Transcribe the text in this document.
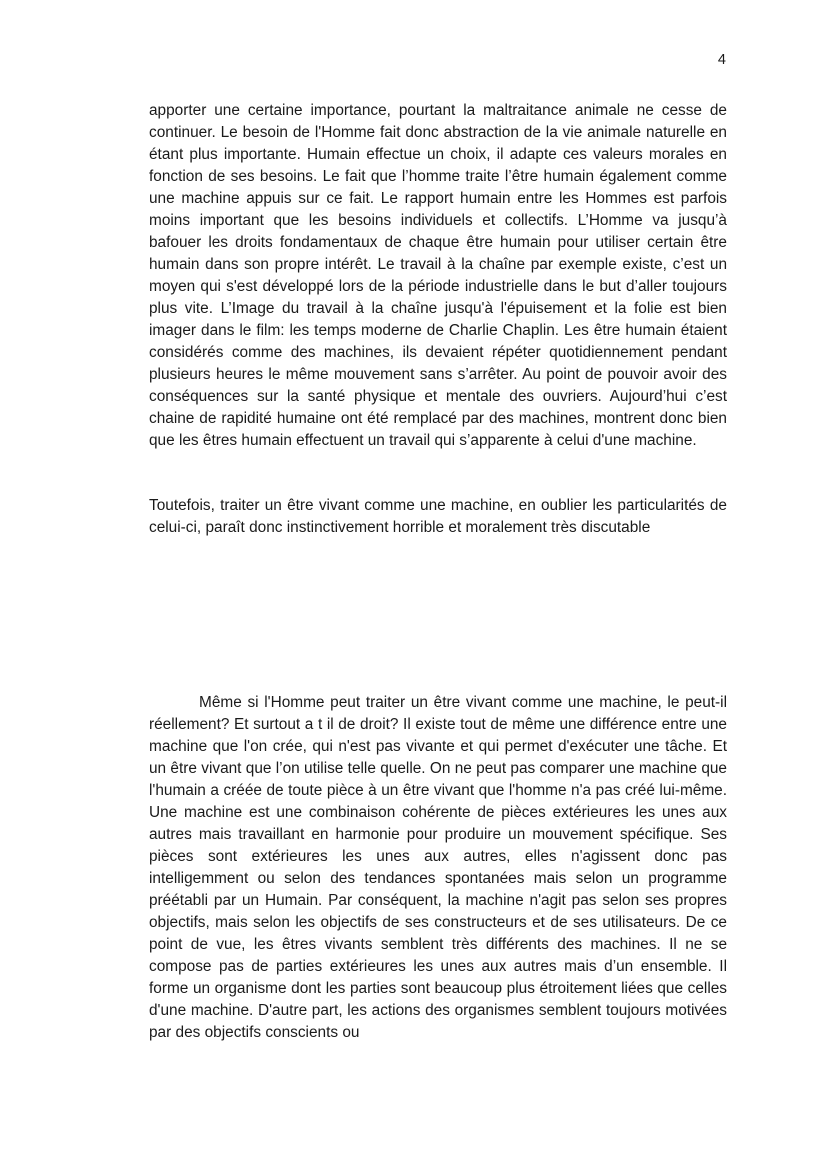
4

apporter une certaine importance, pourtant la maltraitance animale ne cesse de continuer. Le besoin de l'Homme fait donc abstraction de la vie animale naturelle en étant plus importante. Humain effectue un choix, il adapte ces valeurs morales en fonction de ses besoins. Le fait que l’homme traite l’être humain également comme une machine appuis sur ce fait. Le rapport humain entre les Hommes est parfois moins important que les besoins individuels et collectifs. L’Homme va jusqu’à bafouer les droits fondamentaux de chaque être humain pour utiliser certain être humain dans son propre intérêt. Le travail à la chaîne par exemple existe, c’est un moyen qui s'est développé lors de la période industrielle dans le but d’aller toujours plus vite. L’Image du travail à la chaîne jusqu'à l'épuisement et la folie est bien imager dans le film: les temps moderne de Charlie Chaplin. Les être humain étaient considérés comme des machines, ils devaient répéter quotidiennement pendant plusieurs heures le même mouvement sans s’arrêter. Au point de pouvoir avoir des conséquences sur la santé physique et mentale des ouvriers. Aujourd’hui c’est chaine de rapidité humaine ont été remplacé par des machines, montrent donc bien que les êtres humain effectuent un travail qui s’apparente à celui d'une machine.

Toutefois, traiter un être vivant comme une machine, en oublier les particularités de celui-ci, paraît donc instinctivement horrible et moralement très discutable

Même si l'Homme peut traiter un être vivant comme une machine, le peut-il réellement? Et surtout a t il de droit? Il existe tout de même une différence entre une machine que l'on crée, qui n'est pas vivante et qui permet d'exécuter une tâche. Et un être vivant que l’on utilise telle quelle. On ne peut pas comparer une machine que l'humain a créée de toute pièce à un être vivant que l'homme n'a pas créé lui-même. Une machine est une combinaison cohérente de pièces extérieures les unes aux autres mais travaillant en harmonie pour produire un mouvement spécifique. Ses pièces sont extérieures les unes aux autres, elles n'agissent donc pas intelligemment ou selon des tendances spontanées mais selon un programme préétabli par un Humain. Par conséquent, la machine n'agit pas selon ses propres objectifs, mais selon les objectifs de ses constructeurs et de ses utilisateurs. De ce point de vue, les êtres vivants semblent très différents des machines. Il ne se compose pas de parties extérieures les unes aux autres mais d’un ensemble. Il forme un organisme dont les parties sont beaucoup plus étroitement liées que celles d'une machine. D'autre part, les actions des organismes semblent toujours motivées par des objectifs conscients ou
